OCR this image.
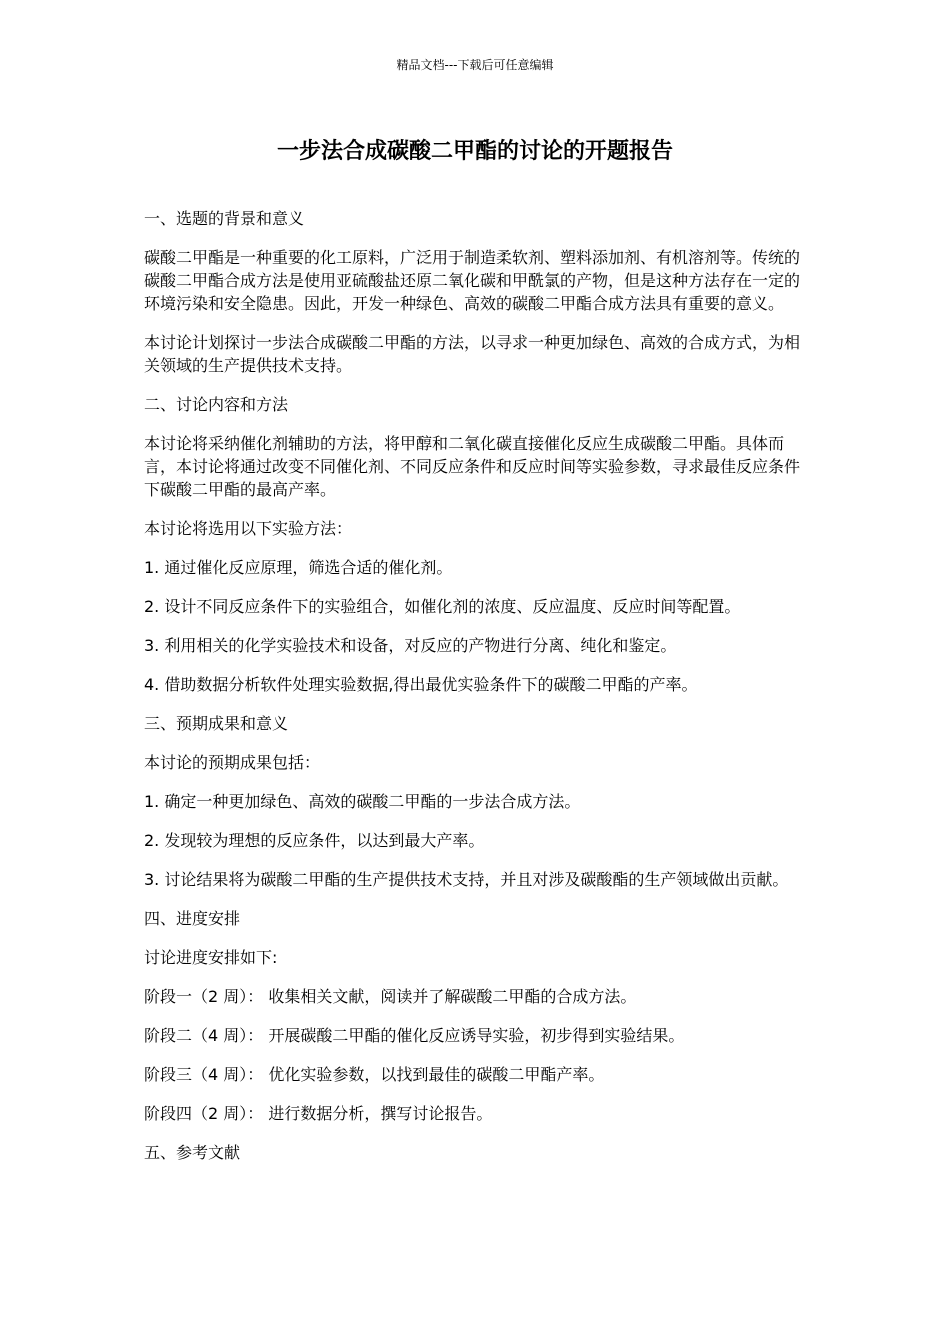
精品文档---下载后可任意编辑
一步法合成碳酸二甲酯的讨论的开题报告

一、选题的背景和意义

碳酸二甲酯是一种重要的化工原料，广泛用于制造柔软剂、塑料添加剂、有机溶剂等。传统的碳酸二甲酯合成方法是使用亚硫酸盐还原二氧化碳和甲酰氯的产物，但是这种方法存在一定的环境污染和安全隐患。因此，开发一种绿色、高效的碳酸二甲酯合成方法具有重要的意义。

本讨论计划探讨一步法合成碳酸二甲酯的方法，以寻求一种更加绿色、高效的合成方式，为相关领域的生产提供技术支持。

二、讨论内容和方法

本讨论将采纳催化剂辅助的方法，将甲醇和二氧化碳直接催化反应生成碳酸二甲酯。具体而言，本讨论将通过改变不同催化剂、不同反应条件和反应时间等实验参数，寻求最佳反应条件下碳酸二甲酯的最高产率。

本讨论将选用以下实验方法：

1. 通过催化反应原理，筛选合适的催化剂。

2. 设计不同反应条件下的实验组合，如催化剂的浓度、反应温度、反应时间等配置。

3. 利用相关的化学实验技术和设备，对反应的产物进行分离、纯化和鉴定。

4. 借助数据分析软件处理实验数据,得出最优实验条件下的碳酸二甲酯的产率。

三、预期成果和意义

本讨论的预期成果包括：

1. 确定一种更加绿色、高效的碳酸二甲酯的一步法合成方法。

2. 发现较为理想的反应条件，以达到最大产率。

3. 讨论结果将为碳酸二甲酯的生产提供技术支持，并且对涉及碳酸酯的生产领域做出贡献。

四、进度安排

讨论进度安排如下:

阶段一（2 周）： 收集相关文献，阅读并了解碳酸二甲酯的合成方法。

阶段二（4 周）： 开展碳酸二甲酯的催化反应诱导实验，初步得到实验结果。

阶段三（4 周）： 优化实验参数，以找到最佳的碳酸二甲酯产率。

阶段四（2 周）： 进行数据分析，撰写讨论报告。

五、参考文献
